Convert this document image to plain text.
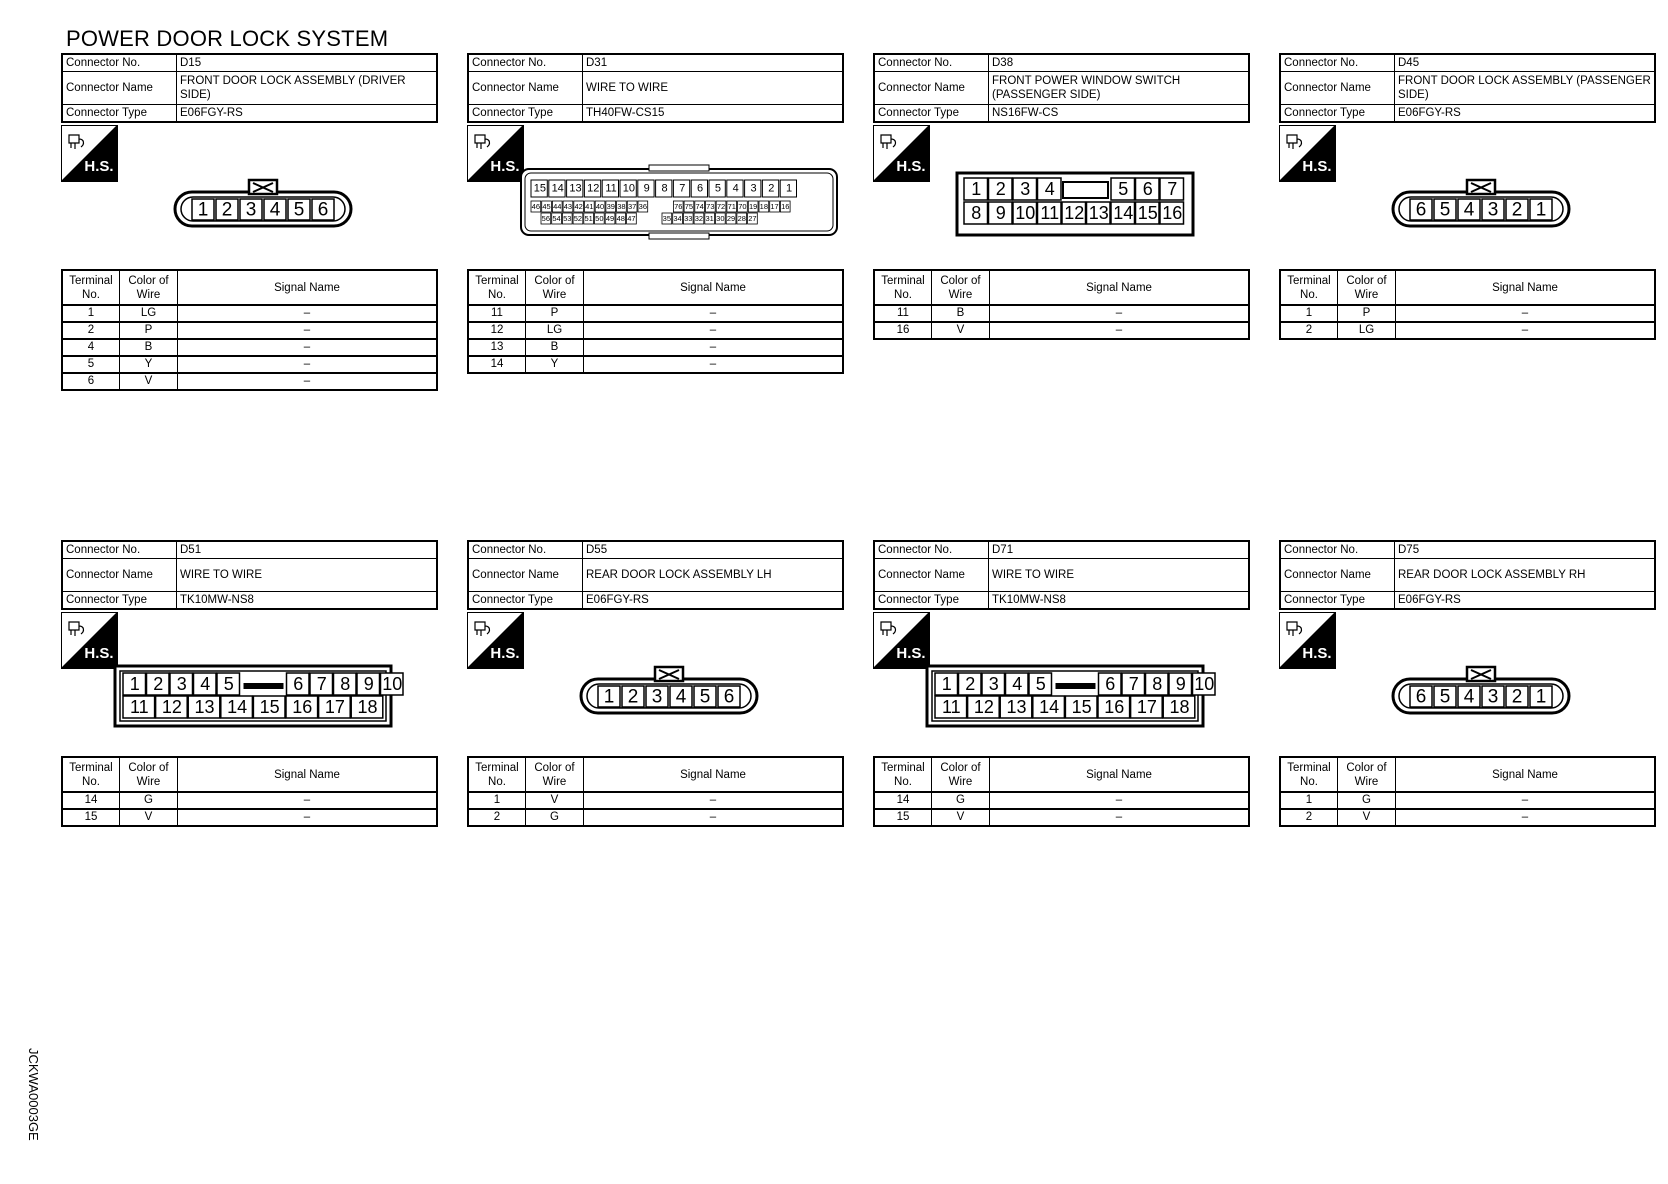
POWER DOOR LOCK SYSTEM
JCKWA0003GE
Connector No.	D15
Connector Name	FRONT DOOR LOCK ASSEMBLY (DRIVER SIDE)
Connector Type	E06FGY-RS
H.S.
1 2 3 4 5 6
Terminal No.	Color of Wire	Signal Name
1	LG	–
2	P	–
4	B	–
5	Y	–
6	V	–
Connector No.	D31
Connector Name	WIRE TO WIRE
Connector Type	TH40FW-CS15
H.S.
15 14 13 12 11 10 9 8 7 6 5 4 3 2 1
46 45 44 43 42 41 40 39 38 37 36	76 75 74 73 72 71 70 19 18 17 16
56 54 53 52 51 50 49 48 47	35 34 33 32 31 30 29 28 27
Terminal No.	Color of Wire	Signal Name
11	P	–
12	LG	–
13	B	–
14	Y	–
Connector No.	D38
Connector Name	FRONT POWER WINDOW SWITCH (PASSENGER SIDE)
Connector Type	NS16FW-CS
H.S.
1 2 3 4	5 6 7
8 9 10 11 12 13 14 15 16
Terminal No.	Color of Wire	Signal Name
11	B	–
16	V	–
Connector No.	D45
Connector Name	FRONT DOOR LOCK ASSEMBLY (PASSENGER SIDE)
Connector Type	E06FGY-RS
H.S.
6 5 4 3 2 1
Terminal No.	Color of Wire	Signal Name
1	P	–
2	LG	–
Connector No.	D51
Connector Name	WIRE TO WIRE
Connector Type	TK10MW-NS8
H.S.
1 2 3 4 5	6 7 8 9 10
11 12 13 14 15 16 17 18
Terminal No.	Color of Wire	Signal Name
14	G	–
15	V	–
Connector No.	D55
Connector Name	REAR DOOR LOCK ASSEMBLY LH
Connector Type	E06FGY-RS
H.S.
1 2 3 4 5 6
Terminal No.	Color of Wire	Signal Name
1	V	–
2	G	–
Connector No.	D71
Connector Name	WIRE TO WIRE
Connector Type	TK10MW-NS8
H.S.
1 2 3 4 5	6 7 8 9 10
11 12 13 14 15 16 17 18
Terminal No.	Color of Wire	Signal Name
14	G	–
15	V	–
Connector No.	D75
Connector Name	REAR DOOR LOCK ASSEMBLY RH
Connector Type	E06FGY-RS
H.S.
6 5 4 3 2 1
Terminal No.	Color of Wire	Signal Name
1	G	–
2	V	–
